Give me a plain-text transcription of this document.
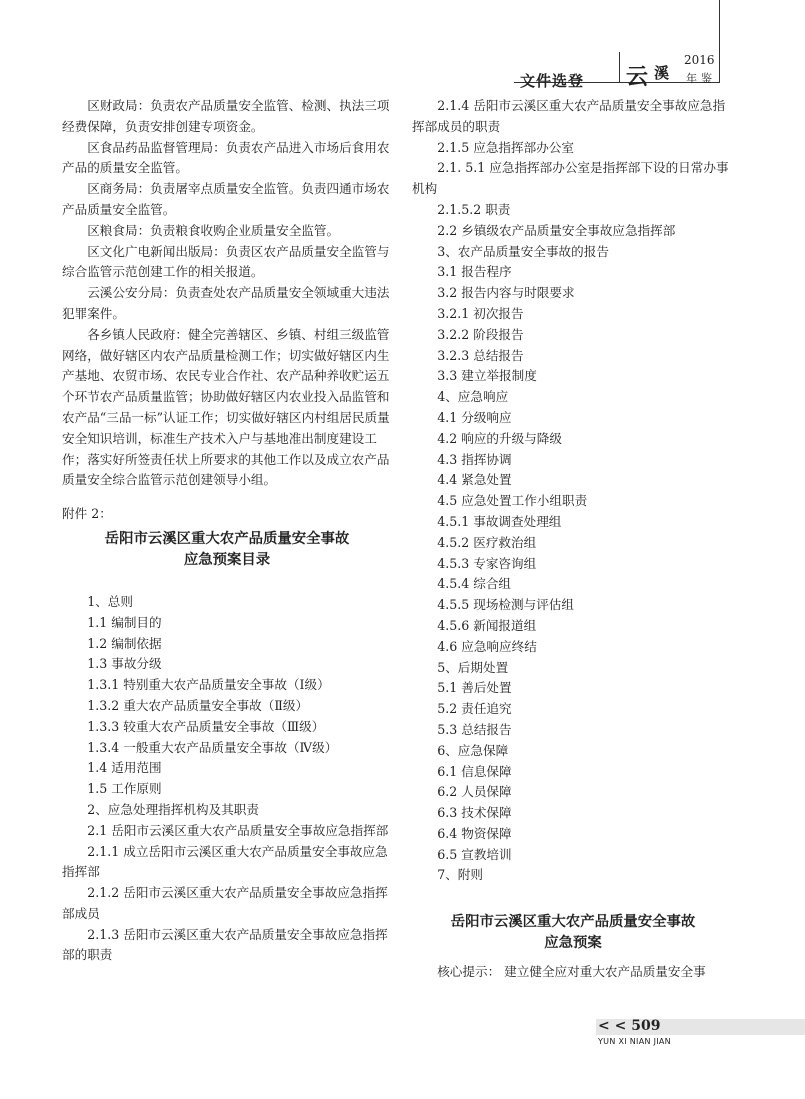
文件选登 云 溪
2016
年鉴

区财政局：负责农产品质量安全监管、检测、执法三项经费保障，负责安排创建专项资金。

区食品药品监督管理局：负责农产品进入市场后食用农产品的质量安全监管。

区商务局：负责屠宰点质量安全监管。负责四通市场农产品质量安全监管。

区粮食局：负责粮食收购企业质量安全监管。

区文化广电新闻出版局：负责区农产品质量安全监管与综合监管示范创建工作的相关报道。

云溪公安分局：负责查处农产品质量安全领域重大违法犯罪案件。

各乡镇人民政府：健全完善辖区、乡镇、村组三级监管网络，做好辖区内农产品质量检测工作；切实做好辖区内生产基地、农贸市场、农民专业合作社、农产品种养收贮运五个环节农产品质量监管；协助做好辖区内农业投入品监管和农产品“三品一标”认证工作；切实做好辖区内村组居民质量安全知识培训，标准生产技术入户与基地准出制度建设工作；落实好所签责任状上所要求的其他工作以及成立农产品质量安全综合监管示范创建领导小组。

附件 2：

岳阳市云溪区重大农产品质量安全事故
应急预案目录

1、总则

1.1 编制目的

1.2 编制依据

1.3 事故分级

1.3.1 特别重大农产品质量安全事故（Ⅰ级）

1.3.2 重大农产品质量安全事故（Ⅱ级）

1.3.3 较重大农产品质量安全事故（Ⅲ级）

1.3.4 一般重大农产品质量安全事故（Ⅳ级）

1.4 适用范围

1.5 工作原则

2、应急处理指挥机构及其职责

2.1 岳阳市云溪区重大农产品质量安全事故应急指挥部

2.1.1 成立岳阳市云溪区重大农产品质量安全事故应急指挥部

2.1.2 岳阳市云溪区重大农产品质量安全事故应急指挥部成员

2.1.3 岳阳市云溪区重大农产品质量安全事故应急指挥部的职责

2.1.4 岳阳市云溪区重大农产品质量安全事故应急指挥部成员的职责

2.1.5 应急指挥部办公室

2.1. 5.1 应急指挥部办公室是指挥部下设的日常办事机构

2.1.5.2 职责

2.2 乡镇级农产品质量安全事故应急指挥部

3、农产品质量安全事故的报告

3.1 报告程序

3.2 报告内容与时限要求

3.2.1 初次报告

3.2.2 阶段报告

3.2.3 总结报告

3.3 建立举报制度

4、应急响应

4.1 分级响应

4.2 响应的升级与降级

4.3 指挥协调

4.4 紧急处置

4.5 应急处置工作小组职责

4.5.1 事故调查处理组

4.5.2 医疗救治组

4.5.3 专家咨询组

4.5.4 综合组

4.5.5 现场检测与评估组

4.5.6 新闻报道组

4.6 应急响应终结

5、后期处置

5.1 善后处置

5.2 责任追究

5.3 总结报告

6、应急保障

6.1 信息保障

6.2 人员保障

6.3 技术保障

6.4 物资保障

6.5 宣教培训

7、附则

岳阳市云溪区重大农产品质量安全事故
应急预案

核心提示： 建立健全应对重大农产品质量安全事

< < 509
YUN XI NIAN JIAN
